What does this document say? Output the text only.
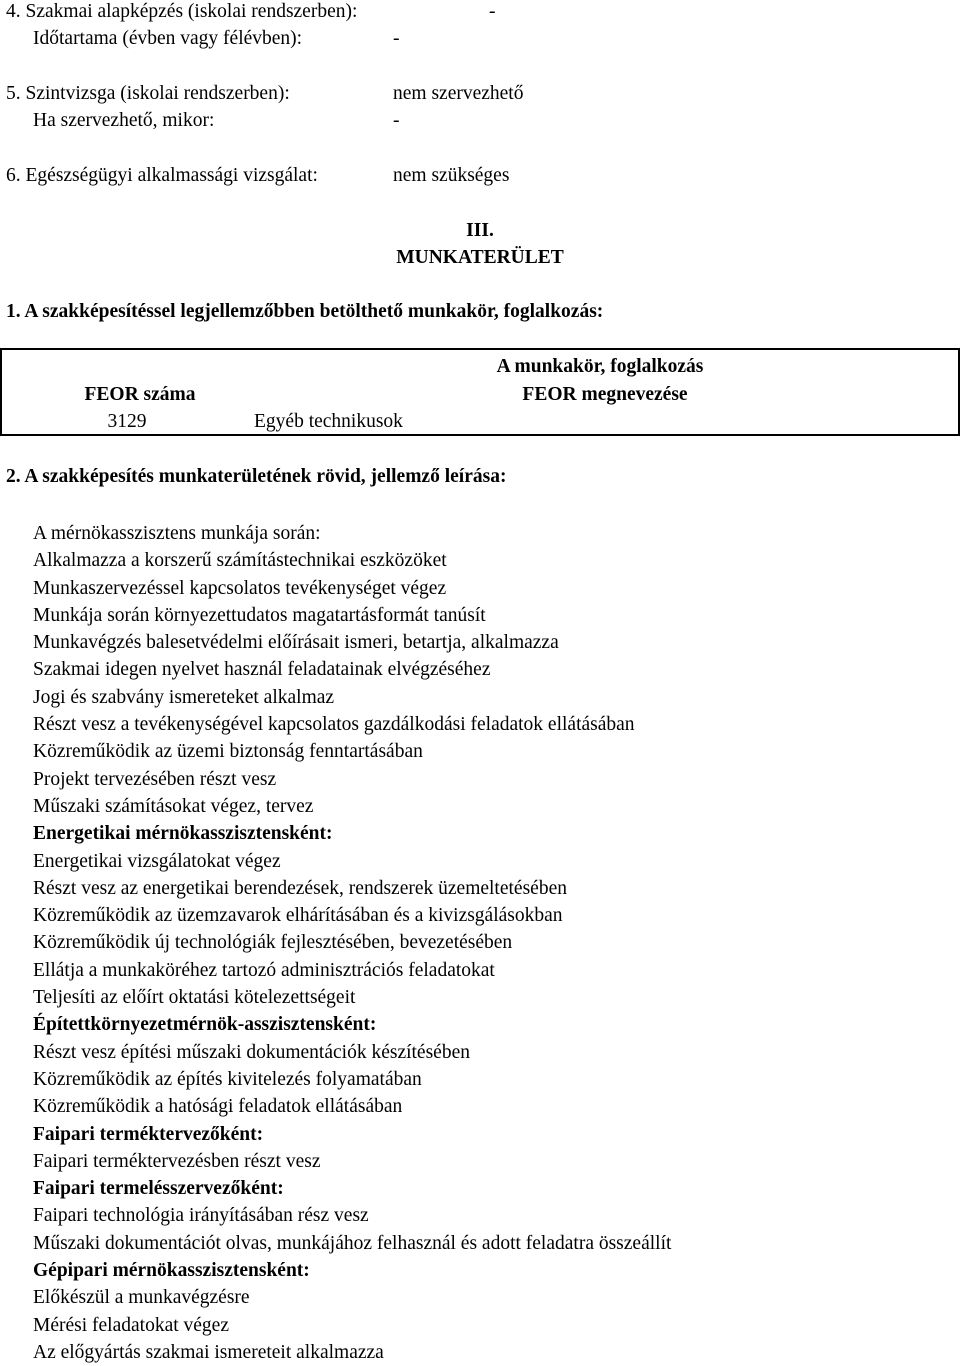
4. Szakmai alapképzés (iskolai rendszerben):	-
Időtartama (évben vagy félévben):	-
5. Szintvizsga (iskolai rendszerben):	nem szervezhető
Ha szervezhető, mikor:	-
6. Egészségügyi alkalmassági vizsgálat:	nem szükséges
III.
MUNKATERÜLET
1. A szakképesítéssel legjellemzőbben betölthető munkakör, foglalkozás:
A munkakör, foglalkozás
FEOR száma	FEOR megnevezése
3129	Egyéb technikusok
2. A szakképesítés munkaterületének rövid, jellemző leírása:
A mérnökasszisztens munkája során:
Alkalmazza a korszerű számítástechnikai eszközöket
Munkaszervezéssel kapcsolatos tevékenységet végez
Munkája során környezettudatos magatartásformát tanúsít
Munkavégzés balesetvédelmi előírásait ismeri, betartja, alkalmazza
Szakmai idegen nyelvet használ feladatainak elvégzéséhez
Jogi és szabvány ismereteket alkalmaz
Részt vesz a tevékenységével kapcsolatos gazdálkodási feladatok ellátásában
Közreműködik az üzemi biztonság fenntartásában
Projekt tervezésében részt vesz
Műszaki számításokat végez, tervez
Energetikai mérnökasszisztensként:
Energetikai vizsgálatokat végez
Részt vesz az energetikai berendezések, rendszerek üzemeltetésében
Közreműködik az üzemzavarok elhárításában és a kivizsgálásokban
Közreműködik új technológiák fejlesztésében, bevezetésében
Ellátja a munkaköréhez tartozó adminisztrációs feladatokat
Teljesíti az előírt oktatási kötelezettségeit
Építettkörnyezetmérnök-asszisztensként:
Részt vesz építési műszaki dokumentációk készítésében
Közreműködik az építés kivitelezés folyamatában
Közreműködik a hatósági feladatok ellátásában
Faipari terméktervezőként:
Faipari terméktervezésben részt vesz
Faipari termelésszervezőként:
Faipari technológia irányításában rész vesz
Műszaki dokumentációt olvas, munkájához felhasznál és adott feladatra összeállít
Gépipari mérnökasszisztensként:
Előkészül a munkavégzésre
Mérési feladatokat végez
Az előgyártás szakmai ismereteit alkalmazza
